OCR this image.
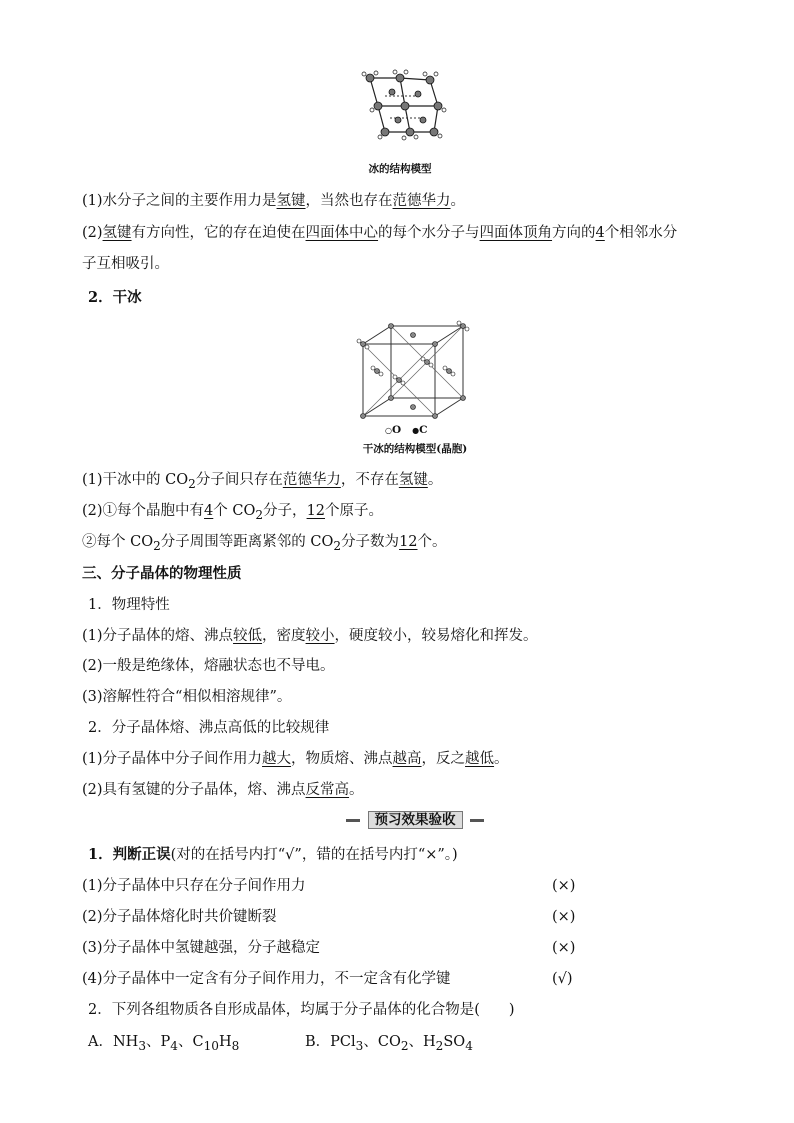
冰的结构模型
(1)水分子之间的主要作用力是氢键，当然也存在范德华力。
(2)氢键有方向性，它的存在迫使在四面体中心的每个水分子与四面体顶角方向的4个相邻水分
子互相吸引。
2．干冰
○O ●C
干冰的结构模型(晶胞)
(1)干冰中的 $CO_2$分子间只存在范德华力，不存在氢键。
(2)①每个晶胞中有4个 $CO_2$分子，12个原子。
②每个 $CO_2$分子周围等距离紧邻的 $CO_2$分子数为12个。
三、分子晶体的物理性质
1．物理特性
(1)分子晶体的熔、沸点较低，密度较小，硬度较小，较易熔化和挥发。
(2)一般是绝缘体，熔融状态也不导电。
(3)溶解性符合“相似相溶规律”。
2．分子晶体熔、沸点高低的比较规律
(1)分子晶体中分子间作用力越大，物质熔、沸点越高，反之越低。
(2)具有氢键的分子晶体，熔、沸点反常高。
预习效果验收
1．判断正误(对的在括号内打“√”，错的在括号内打“×”。)
(1)分子晶体中只存在分子间作用力	(×)
(2)分子晶体熔化时共价键断裂	(×)
(3)分子晶体中氢键越强，分子越稳定	(×)
(4)分子晶体中一定含有分子间作用力，不一定含有化学键	(√)
2．下列各组物质各自形成晶体，均属于分子晶体的化合物是(　　)
A．$NH_3$、$P_4$、$C_{10}H_8$	B．PCl$_3$、$CO_2$、$H_2SO_4$
